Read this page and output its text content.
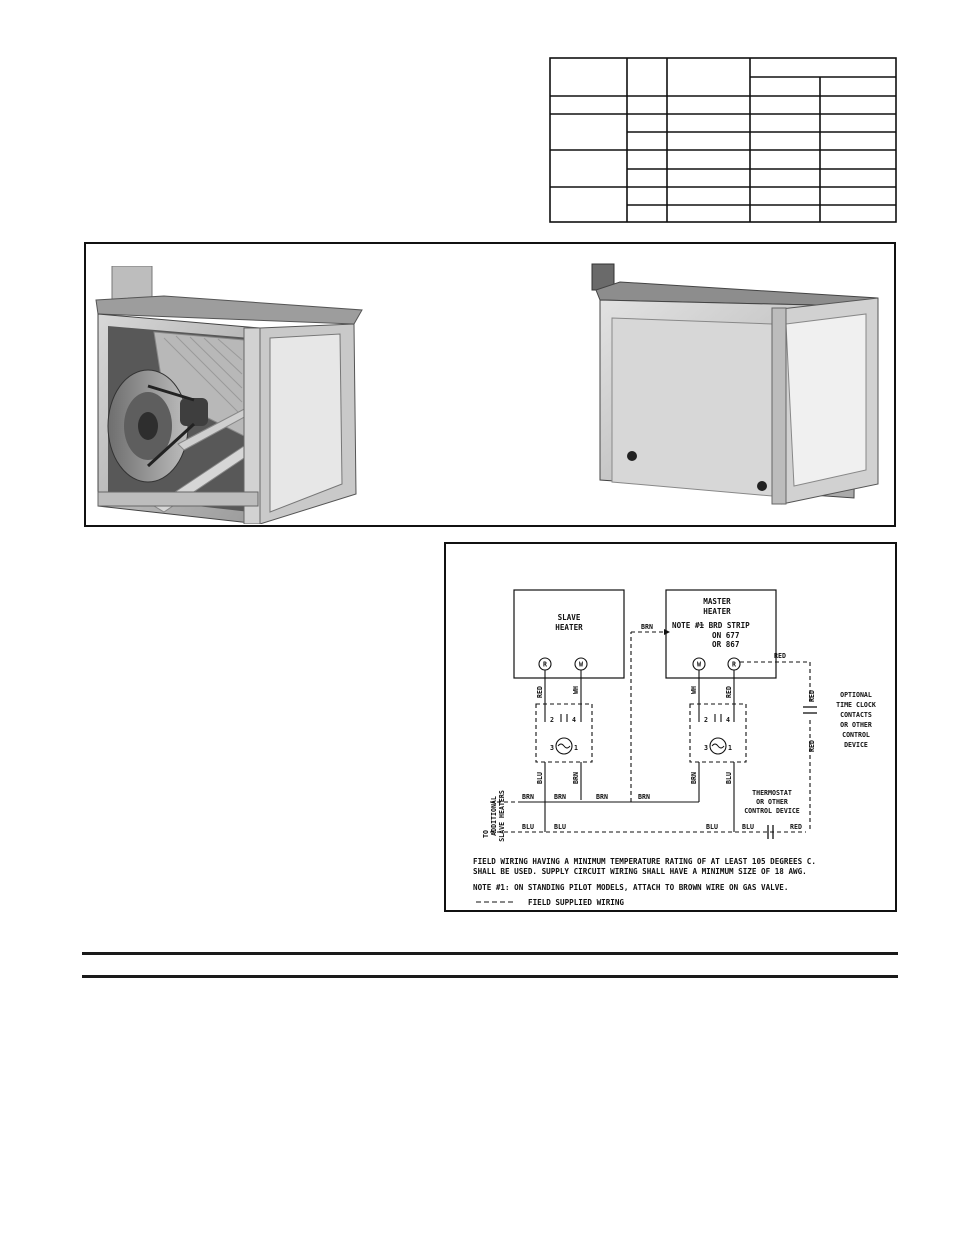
SLAVE
HEATER
MASTER
HEATER
NOTE #1 BRD STRIP
ON 677
OR 867
R	W	W	R
2	4
3	1
2	4
3	1
RED	WH	WH	RED
BLU	BRN	BRN	BLU
BRN
BRN	BRN	BRN	BRN
BLU	BLU	BLU	BLU	RED
THERMOSTAT
OR OTHER
CONTROL DEVICE
RED
RED
RED
OPTIONAL
TIME CLOCK
CONTACTS
OR OTHER
CONTROL
DEVICE
TO ADDITIONAL SLAVE HEATERS
FIELD WIRING HAVING A MINIMUM TEMPERATURE RATING OF AT LEAST 105 DEGREES C.
SHALL BE USED. SUPPLY CIRCUIT WIRING SHALL HAVE A MINIMUM SIZE OF 18 AWG.
NOTE #1: ON STANDING PILOT MODELS, ATTACH TO BROWN WIRE ON GAS VALVE.
FIELD SUPPLIED WIRING
